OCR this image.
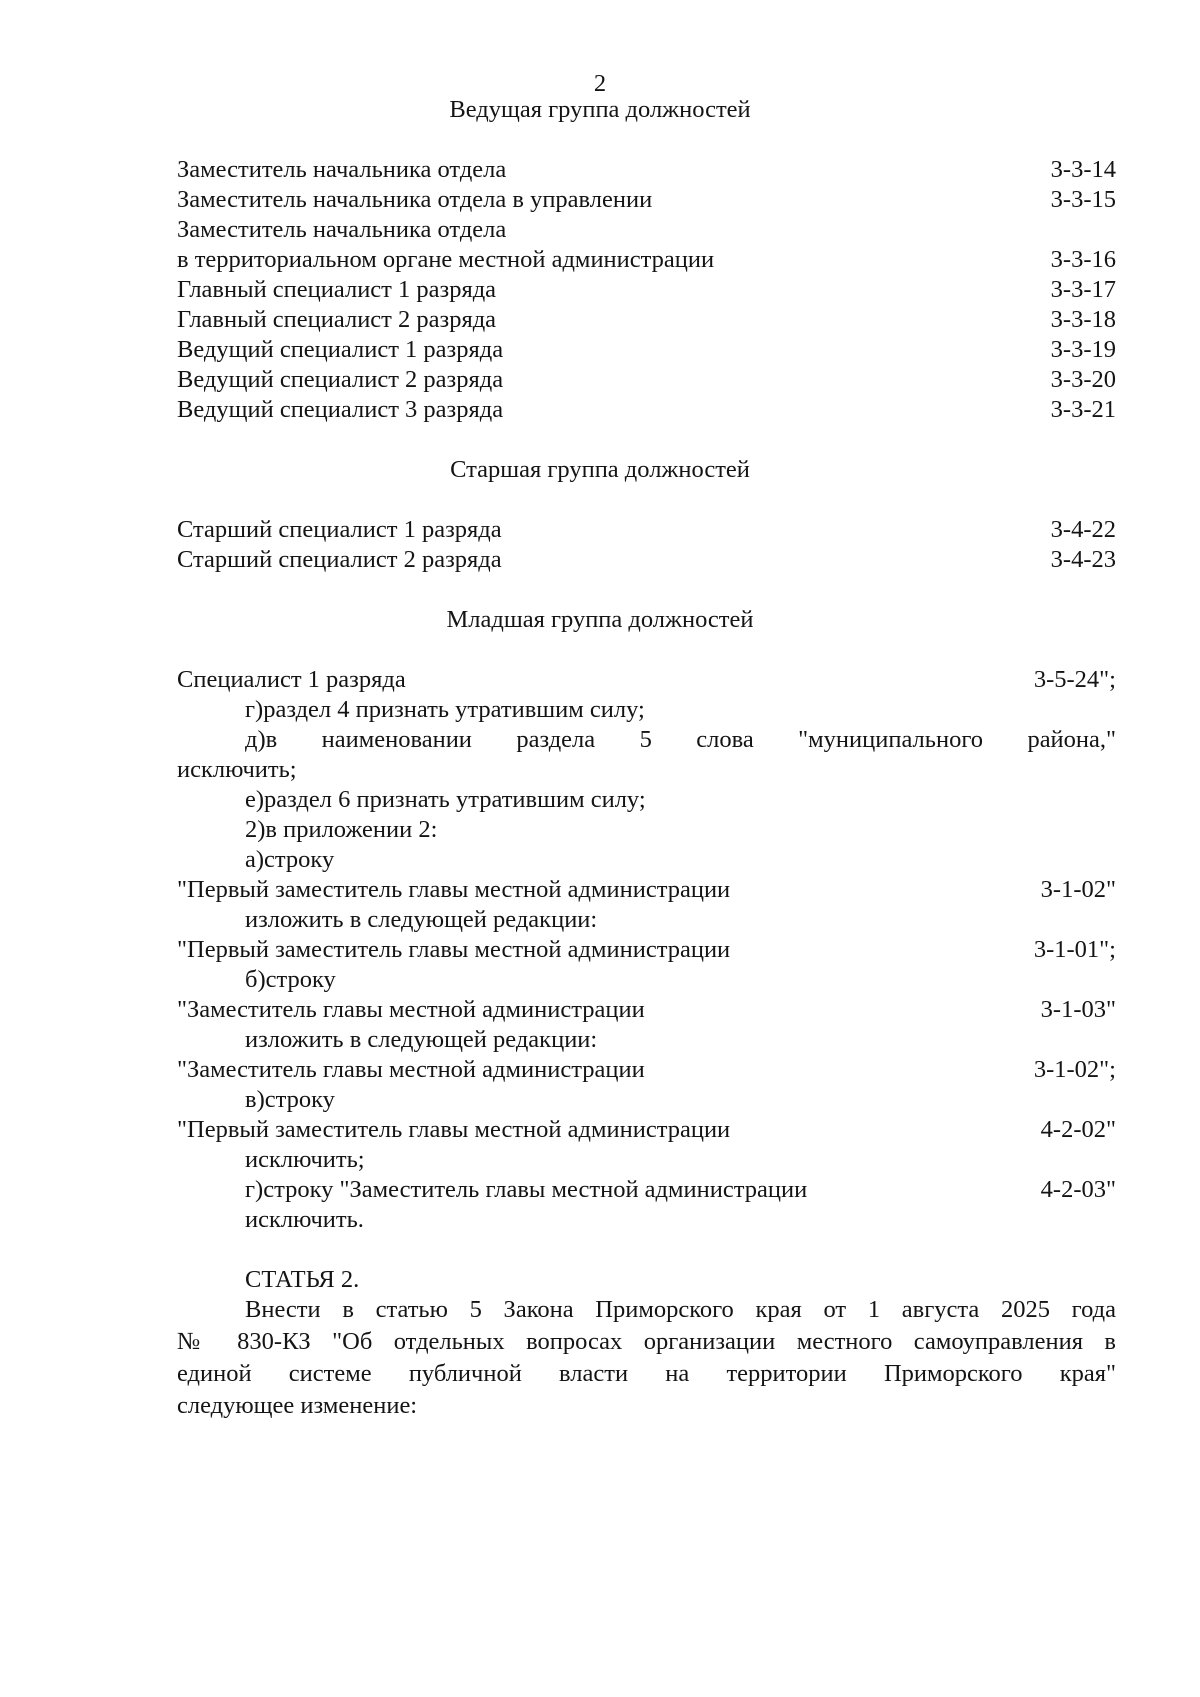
2
Ведущая группа должностей
Заместитель начальника отдела	3-3-14
Заместитель начальника отдела в управлении	3-3-15
Заместитель начальника отдела
в территориальном органе местной администрации	3-3-16
Главный специалист 1 разряда	3-3-17
Главный специалист 2 разряда	3-3-18
Ведущий специалист 1 разряда	3-3-19
Ведущий специалист 2 разряда	3-3-20
Ведущий специалист 3 разряда	3-3-21
Старшая группа должностей
Старший специалист 1 разряда	3-4-22
Старший специалист 2 разряда	3-4-23
Младшая группа должностей
Специалист 1 разряда	3-5-24";
г)раздел 4 признать утратившим силу;
д)в наименовании раздела 5 слова "муниципального района,"
исключить;
е)раздел 6 признать утратившим силу;
2)в приложении 2:
а)строку
"Первый заместитель главы местной администрации	3-1-02"
изложить в следующей редакции:
"Первый заместитель главы местной администрации	3-1-01";
б)строку
"Заместитель главы местной администрации	3-1-03"
изложить в следующей редакции:
"Заместитель главы местной администрации	3-1-02";
в)строку
"Первый заместитель главы местной администрации	4-2-02"
исключить;
г)строку "Заместитель главы местной администрации	4-2-03"
исключить.
СТАТЬЯ 2.
Внести в статью 5 Закона Приморского края от 1 августа 2025 года
№ 830-КЗ "Об отдельных вопросах организации местного самоуправления в
единой системе публичной власти на территории Приморского края"
следующее изменение:
